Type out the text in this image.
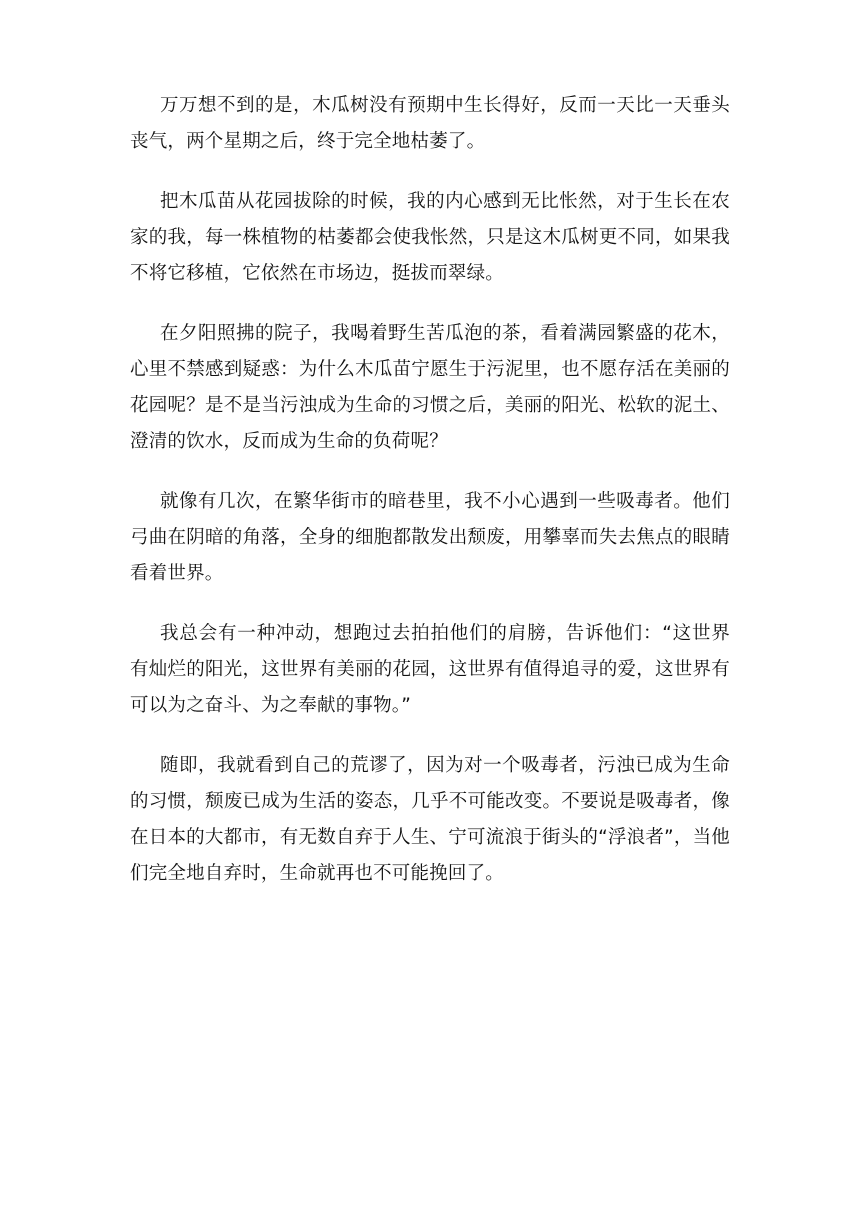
万万想不到的是，木瓜树没有预期中生长得好，反而一天比一天垂头丧气，两个星期之后，终于完全地枯萎了。

把木瓜苗从花园拔除的时候，我的内心感到无比怅然，对于生长在农家的我，每一株植物的枯萎都会使我怅然，只是这木瓜树更不同，如果我不将它移植，它依然在市场边，挺拔而翠绿。

在夕阳照拂的院子，我喝着野生苦瓜泡的茶，看着满园繁盛的花木，心里不禁感到疑惑：为什么木瓜苗宁愿生于污泥里，也不愿存活在美丽的花园呢？是不是当污浊成为生命的习惯之后，美丽的阳光、松软的泥土、澄清的饮水，反而成为生命的负荷呢？

就像有几次，在繁华街市的暗巷里，我不小心遇到一些吸毒者。他们弓曲在阴暗的角落，全身的细胞都散发出颓废，用攀辜而失去焦点的眼睛看着世界。

我总会有一种冲动，想跑过去拍拍他们的肩膀，告诉他们：“这世界有灿烂的阳光，这世界有美丽的花园，这世界有值得追寻的爱，这世界有可以为之奋斗、为之奉献的事物。”

随即，我就看到自己的荒谬了，因为对一个吸毒者，污浊已成为生命的习惯，颓废已成为生活的姿态，几乎不可能改变。不要说是吸毒者，像在日本的大都市，有无数自弃于人生、宁可流浪于街头的“浮浪者”，当他们完全地自弃时，生命就再也不可能挽回了。
